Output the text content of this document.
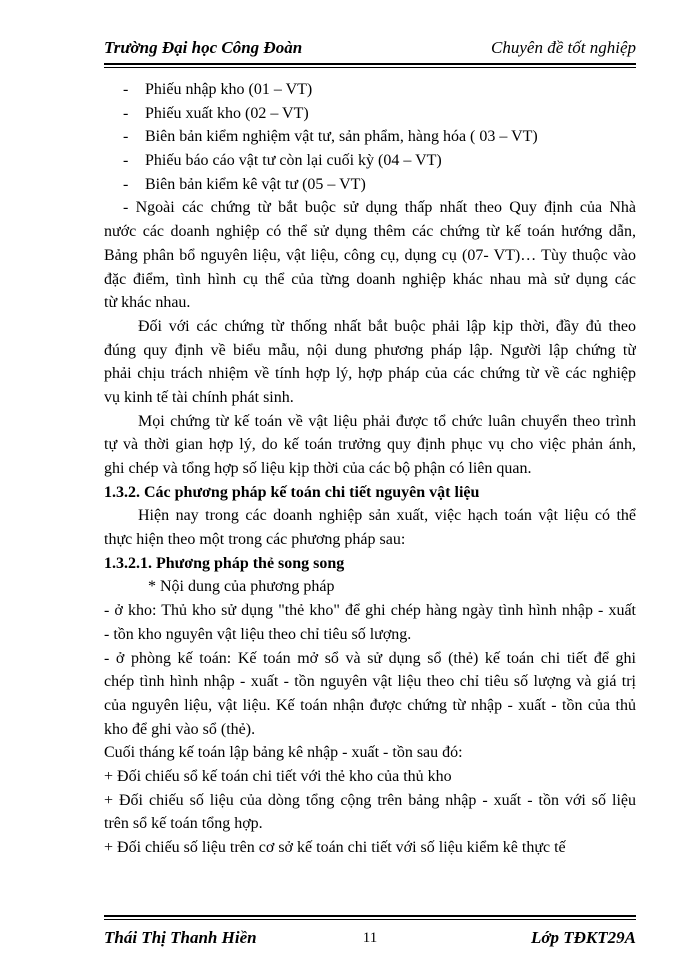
Trường Đại học Công Đoàn	Chuyên đề tốt nghiệp
- Phiếu nhập kho (01 – VT)
- Phiếu xuất kho (02 – VT)
- Biên bản kiểm nghiệm vật tư, sản phẩm, hàng hóa ( 03 – VT)
- Phiếu báo cáo vật tư còn lại cuối kỳ (04 – VT)
- Biên bản kiểm kê vật tư (05 – VT)
- Ngoài các chứng từ bắt buộc sử dụng thấp nhất theo Quy định của Nhà
nước các doanh nghiệp có thể sử dụng thêm các chứng từ kế toán hướng dẫn,
Bảng phân bổ nguyên liệu, vật liệu, công cụ, dụng cụ (07- VT)… Tùy thuộc vào
đặc điểm, tình hình cụ thể của từng doanh nghiệp khác nhau mà sử dụng các
từ khác nhau.
Đối với các chứng từ thống nhất bắt buộc phải lập kịp thời, đầy đủ theo
đúng quy định về biểu mẫu, nội dung phương pháp lập. Người lập chứng từ
phải chịu trách nhiệm về tính hợp lý, hợp pháp của các chứng từ về các nghiệp
vụ kinh tế tài chính phát sinh.
Mọi chứng từ kế toán về vật liệu phải được tổ chức luân chuyển theo trình
tự và thời gian hợp lý, do kế toán trưởng quy định phục vụ cho việc phản ánh,
ghi chép và tổng hợp số liệu kịp thời của các bộ phận có liên quan.
1.3.2. Các phương pháp kế toán chi tiết nguyên vật liệu
Hiện nay trong các doanh nghiệp sản xuất, việc hạch toán vật liệu có thể
thực hiện theo một trong các phương pháp sau:
1.3.2.1. Phương pháp thẻ song song
* Nội dung của phương pháp
- ở kho: Thủ kho sử dụng "thẻ kho" để ghi chép hàng ngày tình hình nhập - xuất
- tồn kho nguyên vật liệu theo chỉ tiêu số lượng.
- ở phòng kế toán: Kế toán mở sổ và sử dụng sổ (thẻ) kế toán chi tiết để ghi
chép tình hình nhập - xuất - tồn nguyên vật liệu theo chỉ tiêu số lượng và giá trị
của nguyên liệu, vật liệu. Kế toán nhận được chứng từ nhập - xuất - tồn của thủ
kho để ghi vào sổ (thẻ).
Cuối tháng kế toán lập bảng kê nhập - xuất - tồn sau đó:
+ Đối chiếu sổ kế toán chi tiết với thẻ kho của thủ kho
+ Đối chiếu số liệu của dòng tổng cộng trên bảng nhập - xuất - tồn với số liệu
trên sổ kế toán tổng hợp.
+ Đối chiếu số liệu trên cơ sở kế toán chi tiết với số liệu kiểm kê thực tế
Thái Thị Thanh Hiền	11	Lớp TĐKT29A
